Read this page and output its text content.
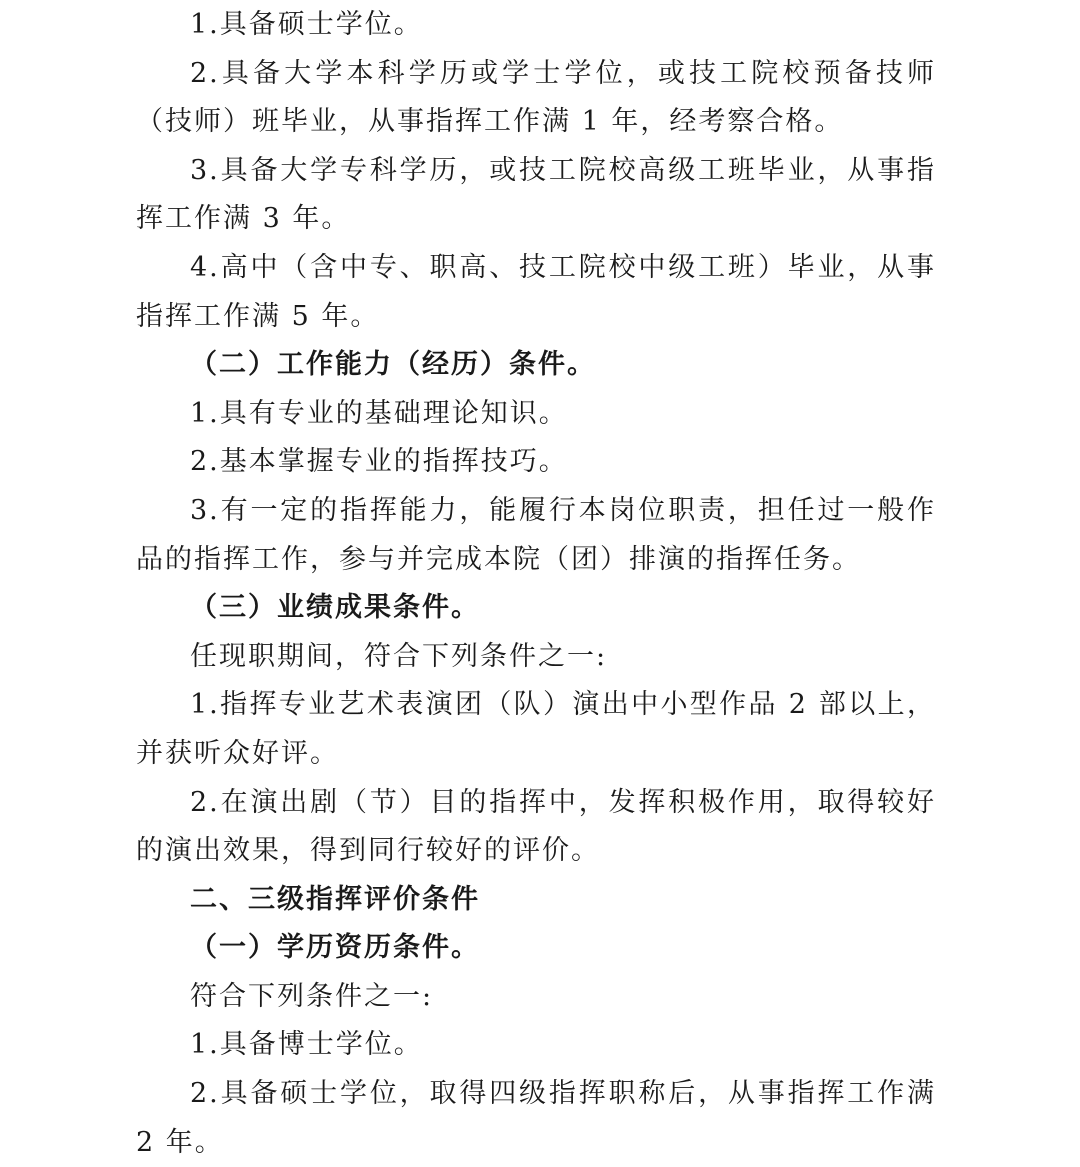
1.具备硕士学位。

2.具备大学本科学历或学士学位，或技工院校预备技师（技师）班毕业，从事指挥工作满 1 年，经考察合格。

3.具备大学专科学历，或技工院校高级工班毕业，从事指挥工作满 3 年。

4.高中（含中专、职高、技工院校中级工班）毕业，从事指挥工作满 5 年。

（二）工作能力（经历）条件。

1.具有专业的基础理论知识。

2.基本掌握专业的指挥技巧。

3.有一定的指挥能力，能履行本岗位职责，担任过一般作品的指挥工作，参与并完成本院（团）排演的指挥任务。

（三）业绩成果条件。

任现职期间，符合下列条件之一:

1.指挥专业艺术表演团（队）演出中小型作品 2 部以上，并获听众好评。

2.在演出剧（节）目的指挥中，发挥积极作用，取得较好的演出效果，得到同行较好的评价。

二、三级指挥评价条件

（一）学历资历条件。

符合下列条件之一:

1.具备博士学位。

2.具备硕士学位，取得四级指挥职称后，从事指挥工作满 2 年。
